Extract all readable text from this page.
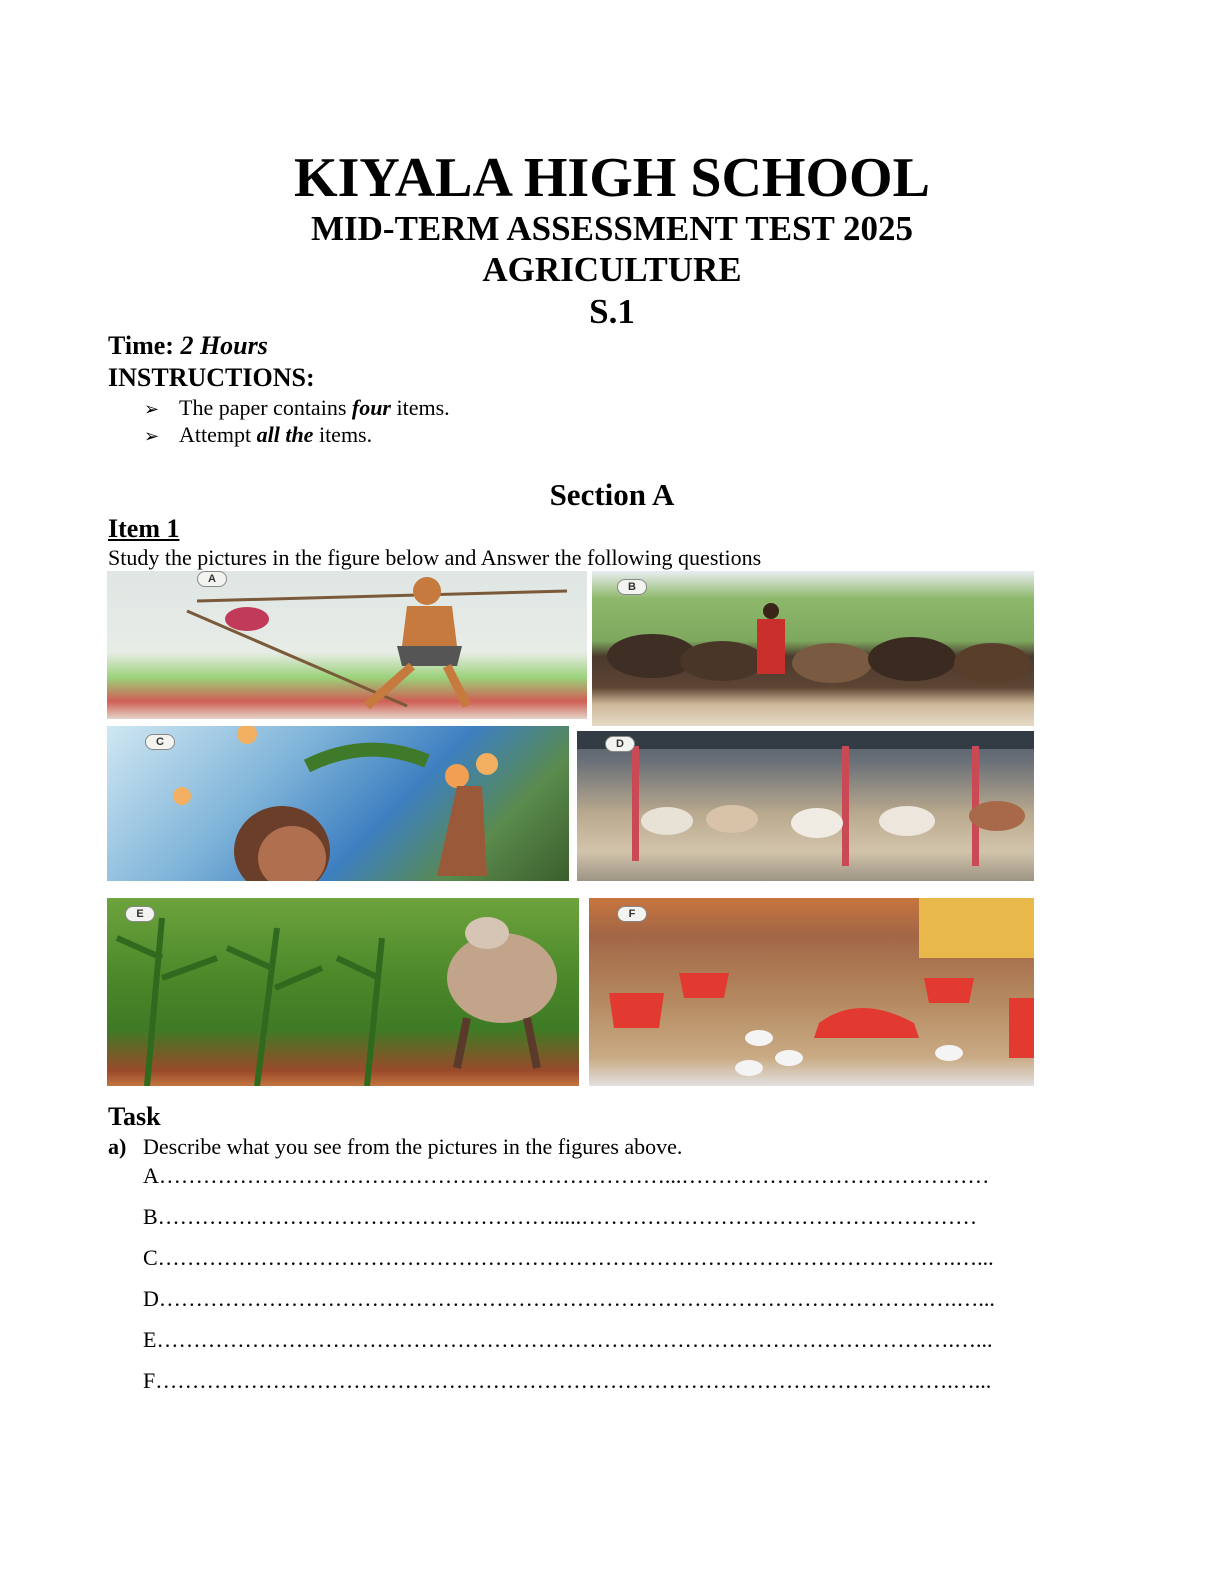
KIYALA HIGH SCHOOL
MID-TERM ASSESSMENT TEST 2025
AGRICULTURE
S.1
Time: 2 Hours
INSTRUCTIONS:
➢ The paper contains four items.
➢ Attempt all the items.
Section A
Item 1
Study the pictures in the figure below and Answer the following questions
A
B
C	D
E	F
Task
a) Describe what you see from the pictures in the figures above.
A……………………………………………………………...……………………………………
B……………………………………………….....………………………………………………
C……………………………………………………………………………………………….…...
D……………………………………………………………………………………………….…...
E……………………………………………………………………………………………….…...
F……………………………………………………………………………………………….…...
